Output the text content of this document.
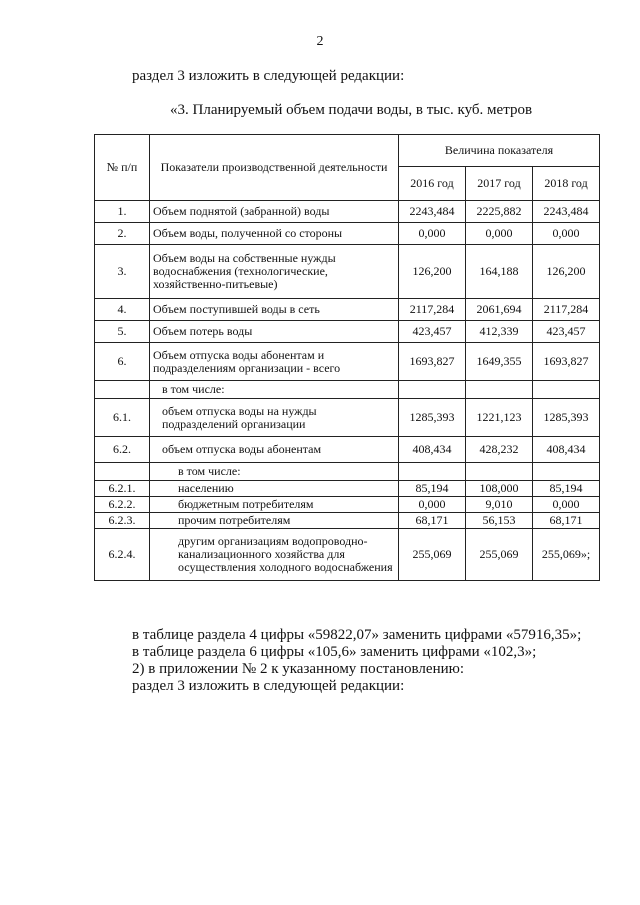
2
раздел 3 изложить в следующей редакции:
«3. Планируемый объем подачи воды, в тыс. куб. метров
№ п/п	Показатели производственной деятельности	Величина показателя		
		2016 год	2017 год	2018 год
1.	Объем поднятой (забранной) воды	2243,484	2225,882	2243,484
2.	Объем воды, полученной со стороны	0,000	0,000	0,000
3.	Объем воды на собственные нужды водоснабжения (технологические, хозяйственно-питьевые)	126,200	164,188	126,200
4.	Объем поступившей воды в сеть	2117,284	2061,694	2117,284
5.	Объем потерь воды	423,457	412,339	423,457
6.	Объем отпуска воды абонентам и подразделениям организации - всего	1693,827	1649,355	1693,827
	в том числе:			
6.1.	объем отпуска воды на нужды подразделений организации	1285,393	1221,123	1285,393
6.2.	объем отпуска воды абонентам	408,434	428,232	408,434
	в том числе:			
6.2.1.	населению	85,194	108,000	85,194
6.2.2.	бюджетным потребителям	0,000	9,010	0,000
6.2.3.	прочим потребителям	68,171	56,153	68,171
6.2.4.	другим организациям водопроводно-канализационного хозяйства для осуществления холодного водоснабжения	255,069	255,069	255,069»;
в таблице раздела 4 цифры «59822,07» заменить цифрами «57916,35»;
в таблице раздела 6 цифры «105,6» заменить цифрами «102,3»;
2) в приложении № 2 к указанному постановлению:
раздел 3 изложить в следующей редакции:
